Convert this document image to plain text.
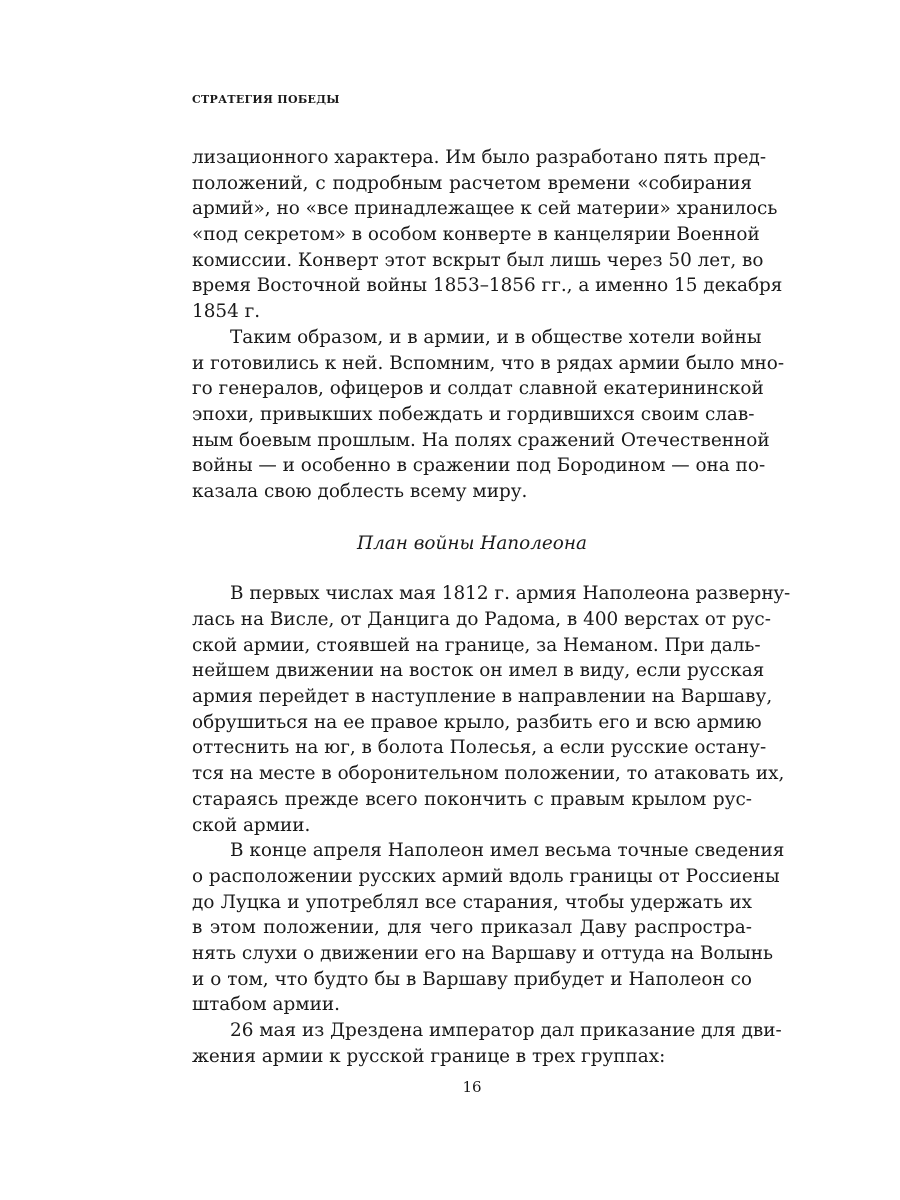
СТРАТЕГИЯ ПОБЕДЫ
лизационного характера. Им было разработано пять пред-
положений, с подробным расчетом времени «собирания
армий», но «все принадлежащее к сей материи» хранилось
«под секретом» в особом конверте в канцелярии Военной
комиссии. Конверт этот вскрыт был лишь через 50 лет, во
время Восточной войны 1853–1856 гг., а именно 15 декабря
1854 г.
Таким образом, и в армии, и в обществе хотели войны
и готовились к ней. Вспомним, что в рядах армии было мно-
го генералов, офицеров и солдат славной екатерининской
эпохи, привыкших побеждать и гордившихся своим слав-
ным боевым прошлым. На полях сражений Отечественной
войны — и особенно в сражении под Бородином — она по-
казала свою доблесть всему миру.
План войны Наполеона
В первых числах мая 1812 г. армия Наполеона развернy-
лась на Висле, от Данцига до Радома, в 400 верстах от рус-
ской армии, стоявшей на границе, за Неманом. При даль-
нейшем движении на восток он имел в виду, если русская
армия перейдет в наступление в направлении на Варшаву,
обрушиться на ее правое крыло, разбить его и всю армию
оттеснить на юг, в болота Полесья, а если русские остану-
тся на месте в оборонительном положении, то атаковать их,
стараясь прежде всего покончить с правым крылом рус-
ской армии.
В конце апреля Наполеон имел весьма точные сведения
о расположении русских армий вдоль границы от Россиены
до Луцка и употреблял все старания, чтобы удержать их
в этом положении, для чего приказал Даву распростра-
нять слухи о движении его на Варшаву и оттуда на Волынь
и о том, что будто бы в Варшаву прибудет и Наполеон со
штабом армии.
26 мая из Дрездена император дал приказание для дви-
жения армии к русской границе в трех группах:
16
